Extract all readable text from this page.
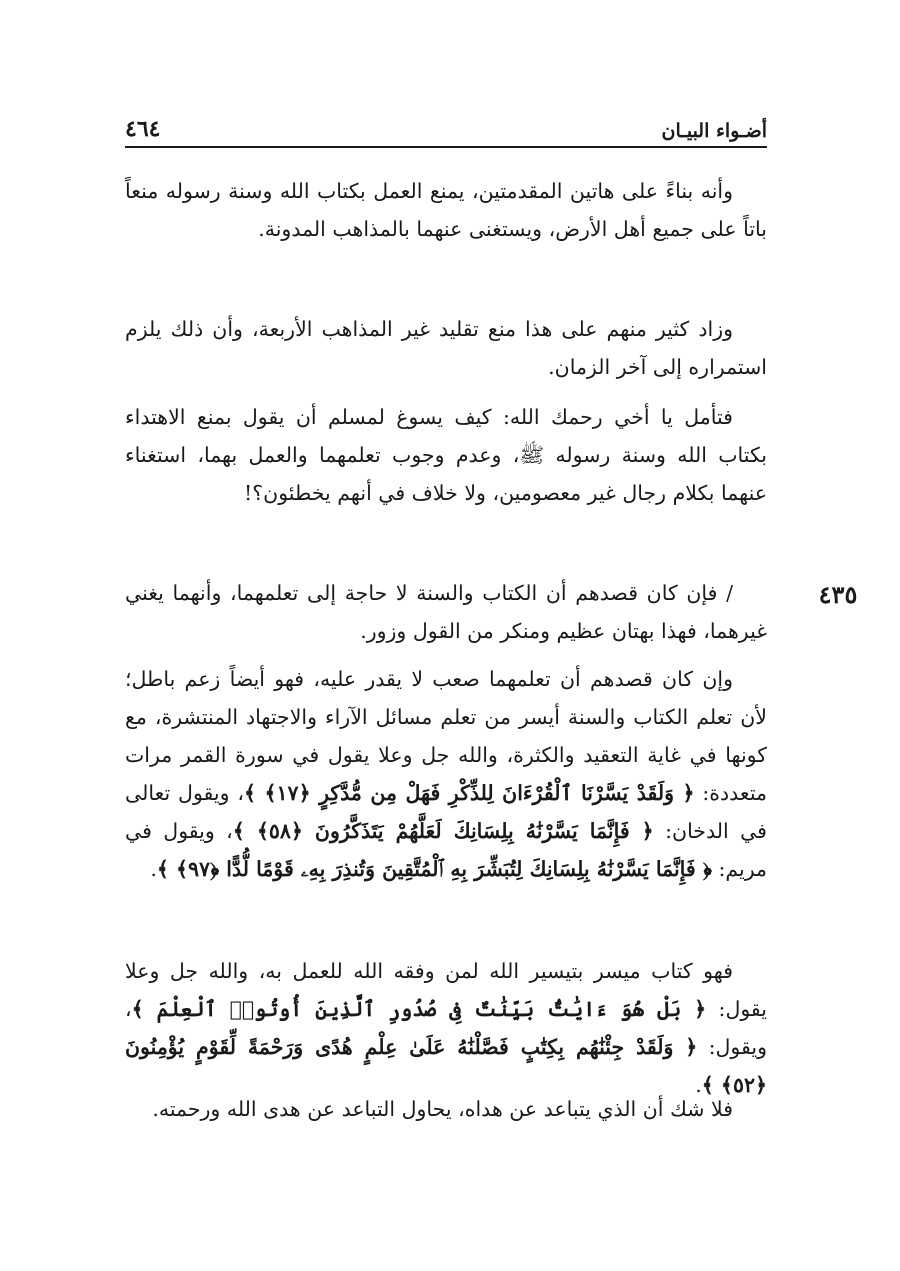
أضـواء البيـان
٤٦٤
٤٣٥

وأنه بناءً على هاتين المقدمتين، يمنع العمل بكتاب الله وسنة رسوله منعاً باتاً على جميع أهل الأرض، ويستغنى عنهما بالمذاهب المدونة.

وزاد كثير منهم على هذا منع تقليد غير المذاهب الأربعة، وأن ذلك يلزم استمراره إلى آخر الزمان.

فتأمل يا أخي رحمك الله: كيف يسوغ لمسلم أن يقول بمنع الاهتداء بكتاب الله وسنة رسوله ﷺ، وعدم وجوب تعلمهما والعمل بهما، استغناء عنهما بكلام رجال غير معصومين، ولا خلاف في أنهم يخطئون؟!

/ فإن كان قصدهم أن الكتاب والسنة لا حاجة إلى تعلمهما، وأنهما يغني غيرهما، فهذا بهتان عظيم ومنكر من القول وزور.

وإن كان قصدهم أن تعلمهما صعب لا يقدر عليه، فهو أيضاً زعم باطل؛ لأن تعلم الكتاب والسنة أيسر من تعلم مسائل الآراء والاجتهاد المنتشرة، مع كونها في غاية التعقيد والكثرة، والله جل وعلا يقول في سورة القمر مرات متعددة: ﴿ وَلَقَدْ يَسَّرْنَا ٱلْقُرْءَانَ لِلذِّكْرِ فَهَلْ مِن مُّدَّكِرٍ ﴿١٧﴾ ﴾، ويقول تعالى في الدخان: ﴿ فَإِنَّمَا يَسَّرْنَٰهُ بِلِسَانِكَ لَعَلَّهُمْ يَتَذَكَّرُونَ ﴿٥٨﴾ ﴾، ويقول في مريم: ﴿ فَإِنَّمَا يَسَّرْنَٰهُ بِلِسَانِكَ لِتُبَشِّرَ بِهِ ٱلْمُتَّقِينَ وَتُنذِرَ بِهِۦ قَوْمًا لُّدًّا ﴿٩٧﴾ ﴾.

فهو كتاب ميسر بتيسير الله لمن وفقه الله للعمل به، والله جل وعلا يقول: ﴿ بَلْ هُوَ ءَايَٰتٌۢ بَيِّنَٰتٌ فِى صُدُورِ ٱلَّذِينَ أُوتُوا۟ ٱلْعِلْمَ ﴾، ويقول: ﴿ وَلَقَدْ جِئْنَٰهُم بِكِتَٰبٍ فَصَّلْنَٰهُ عَلَىٰ عِلْمٍ هُدًى وَرَحْمَةً لِّقَوْمٍ يُؤْمِنُونَ ﴿٥٢﴾ ﴾.

فلا شك أن الذي يتباعد عن هداه، يحاول التباعد عن هدى الله ورحمته.
